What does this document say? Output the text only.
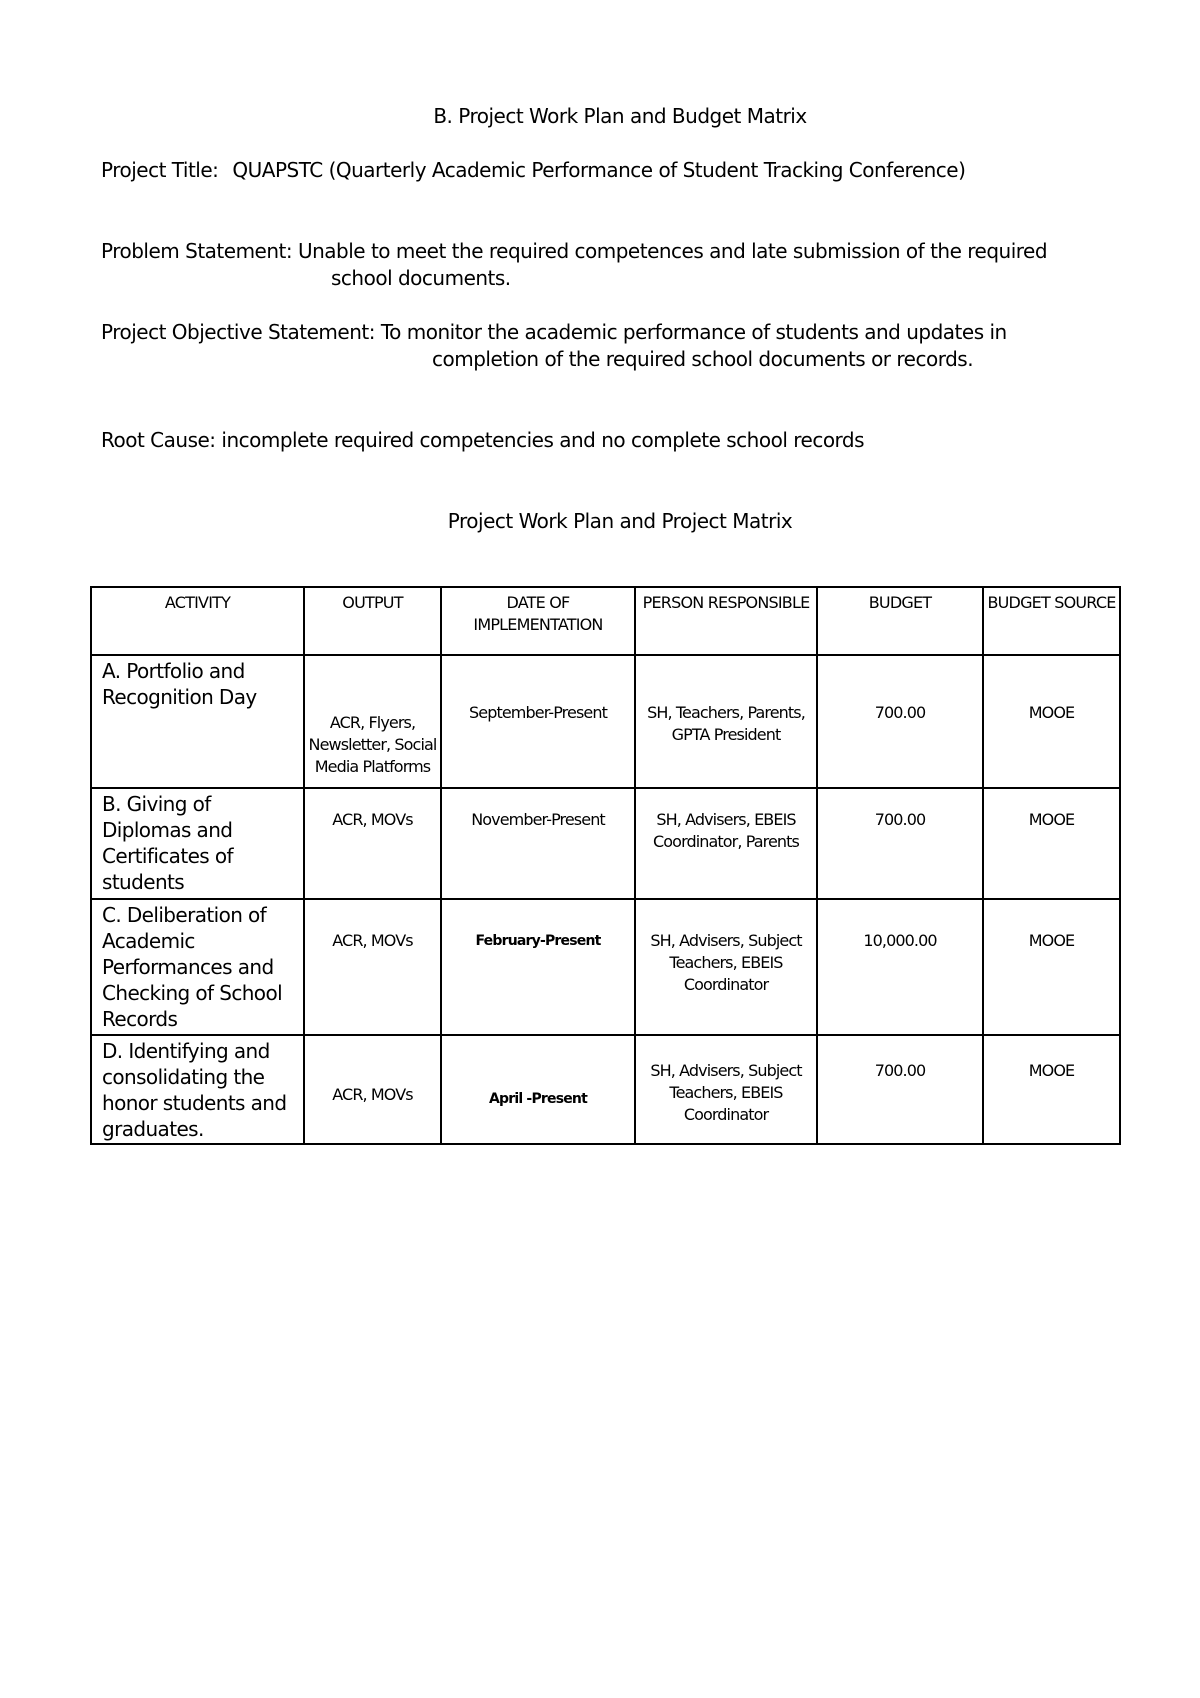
B. Project Work Plan and Budget Matrix
Project Title: QUAPSTC (Quarterly Academic Performance of Student Tracking Conference)
Problem Statement: Unable to meet the required competences and late submission of the required
school documents.
Project Objective Statement: To monitor the academic performance of students and updates in
completion of the required school documents or records.
Root Cause: incomplete required competencies and no complete school records
Project Work Plan and Project Matrix
ACTIVITY	OUTPUT	DATE OF IMPLEMENTATION	PERSON RESPONSIBLE	BUDGET	BUDGET SOURCE
A. Portfolio and Recognition Day	ACR, Flyers, Newsletter, Social Media Platforms	September-Present	SH, Teachers, Parents, GPTA President	700.00	MOOE
B. Giving of Diplomas and Certificates of students	ACR, MOVs	November-Present	SH, Advisers, EBEIS Coordinator, Parents	700.00	MOOE
C. Deliberation of Academic Performances and Checking of School Records	ACR, MOVs	February-Present	SH, Advisers, Subject Teachers, EBEIS Coordinator	10,000.00	MOOE
D. Identifying and consolidating the honor students and graduates.	ACR, MOVs	April -Present	SH, Advisers, Subject Teachers, EBEIS Coordinator	700.00	MOOE
